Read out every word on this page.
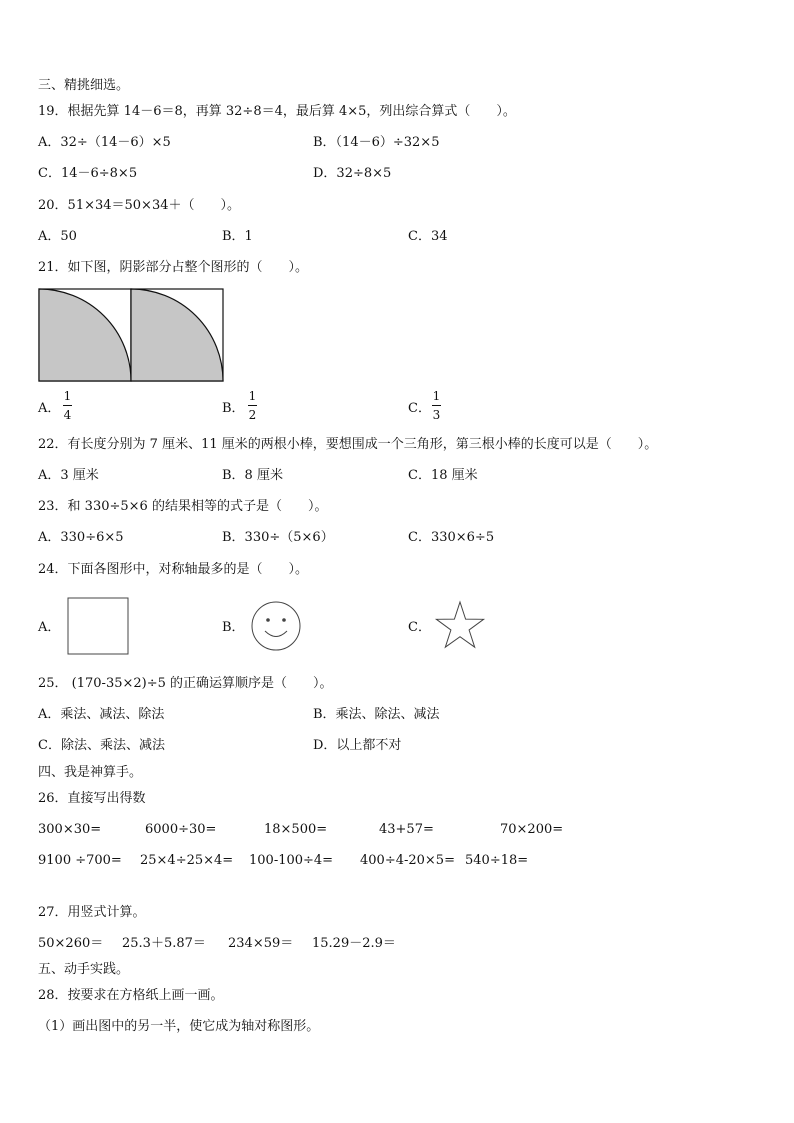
三、精挑细选。
19．根据先算 14－6＝8，再算 32÷8＝4，最后算 4×5，列出综合算式（　　）。
A．32÷（14－6）×5	B．（14－6）÷32×5
C．14－6÷8×5	D．32÷8×5
20．51×34＝50×34＋（　　）。
A．50	B．1	C．34
21．如下图，阴影部分占整个图形的（　　）。
A．
1
4	B．
1
2	C．
1
3
22．有长度分别为 7 厘米、11 厘米的两根小棒，要想围成一个三角形，第三根小棒的长度可以是（　　）。
A．3 厘米	B．8 厘米	C．18 厘米
23．和 330÷5×6 的结果相等的式子是（　　）。
A．330÷6×5	B．330÷（5×6）	C．330×6÷5
24．下面各图形中，对称轴最多的是（　　）。
A．	B．	C．
25． (170-35×2)÷5 的正确运算顺序是（　　）。
A．乘法、减法、除法	B．乘法、除法、减法
C．除法、乘法、减法	D．以上都不对
四、我是神算手。
26．直接写出得数
300×30=	6000÷30=	18×500=	43+57=	70×200=
9100 ÷700= 25×4÷25×4= 100-100÷4= 400÷4-20×5= 540÷18=
27．用竖式计算。
50×260＝ 25.3＋5.87＝ 234×59＝ 15.29－2.9＝
五、动手实践。
28．按要求在方格纸上画一画。
（1）画出图中的另一半，使它成为轴对称图形。
